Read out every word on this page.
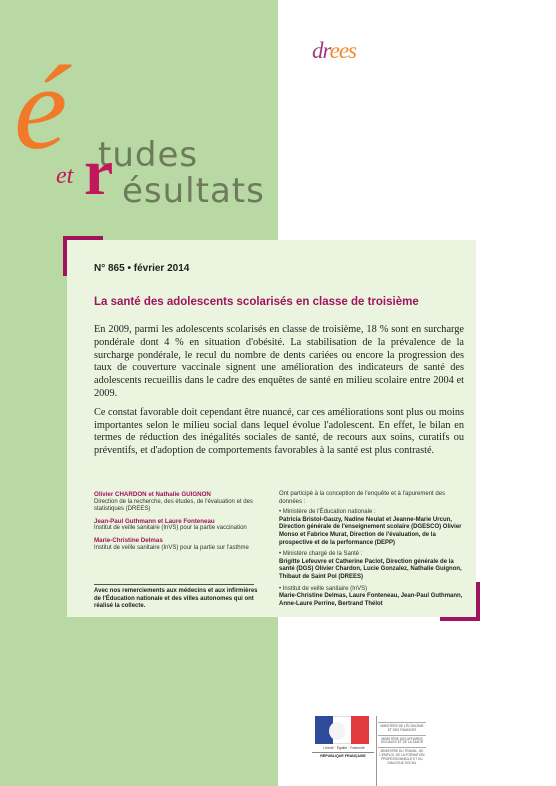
drees
é tudes
et r ésultats
N° 865 • février 2014
La santé des adolescents scolarisés en classe de troisième

En 2009, parmi les adolescents scolarisés en classe de troisième, 18 % sont en surcharge pondérale dont 4 % en situation d'obésité. La stabilisation de la prévalence de la surcharge pondérale, le recul du nombre de dents cariées ou encore la progression des taux de couverture vaccinale signent une amélioration des indicateurs de santé des adolescents recueillis dans le cadre des enquêtes de santé en milieu scolaire entre 2004 et 2009.

Ce constat favorable doit cependant être nuancé, car ces améliorations sont plus ou moins importantes selon le milieu social dans lequel évolue l'adolescent. En effet, le bilan en termes de réduction des inégalités sociales de santé, de recours aux soins, curatifs ou préventifs, et d'adoption de comportements favorables à la santé est plus contrasté.

Olivier CHARDON et Nathalie GUIGNON
Direction de la recherche, des études, de l'évaluation et des statistiques (DREES)
Jean-Paul Guthmann et Laure Fonteneau
Institut de veille sanitaire (InVS) pour la partie vaccination
Marie-Christine Delmas
Institut de veille sanitaire (InVS) pour la partie sur l'asthme
Avec nos remerciements aux médecins et aux infirmières de l'Éducation nationale et des villes autonomes qui ont réalisé la collecte.
Ont participé à la conception de l'enquête et à l'apurement des données :
• Ministère de l'Éducation nationale :
Patricia Bristol-Gauzy, Nadine Neulat et Jeanne-Marie Urcun, Direction générale de l'enseignement scolaire (DGESCO) Olivier Monso et Fabrice Murat, Direction de l'évaluation, de la prospective et de la performance (DEPP)
• Ministère chargé de la Santé :
Brigitte Lefeuvre et Catherine Paclot, Direction générale de la santé (DGS) Olivier Chardon, Lucie Gonzalez, Nathalie Guignon, Thibaut de Saint Pol (DREES)
• Institut de veille sanitaire (InVS)
Marie-Christine Delmas, Laure Fonteneau, Jean-Paul Guthmann, Anne-Laure Perrine, Bertrand Thélot
Liberté · Égalité · Fraternité
RÉPUBLIQUE FRANÇAISE
MINISTÈRE DE L'ÉCONOMIE ET DES FINANCES
MINISTÈRE DES AFFAIRES SOCIALES ET DE LA SANTÉ
MINISTÈRE DU TRAVAIL, DE L'EMPLOI, DE LA FORMATION PROFESSIONNELLE ET DU DIALOGUE SOCIAL
